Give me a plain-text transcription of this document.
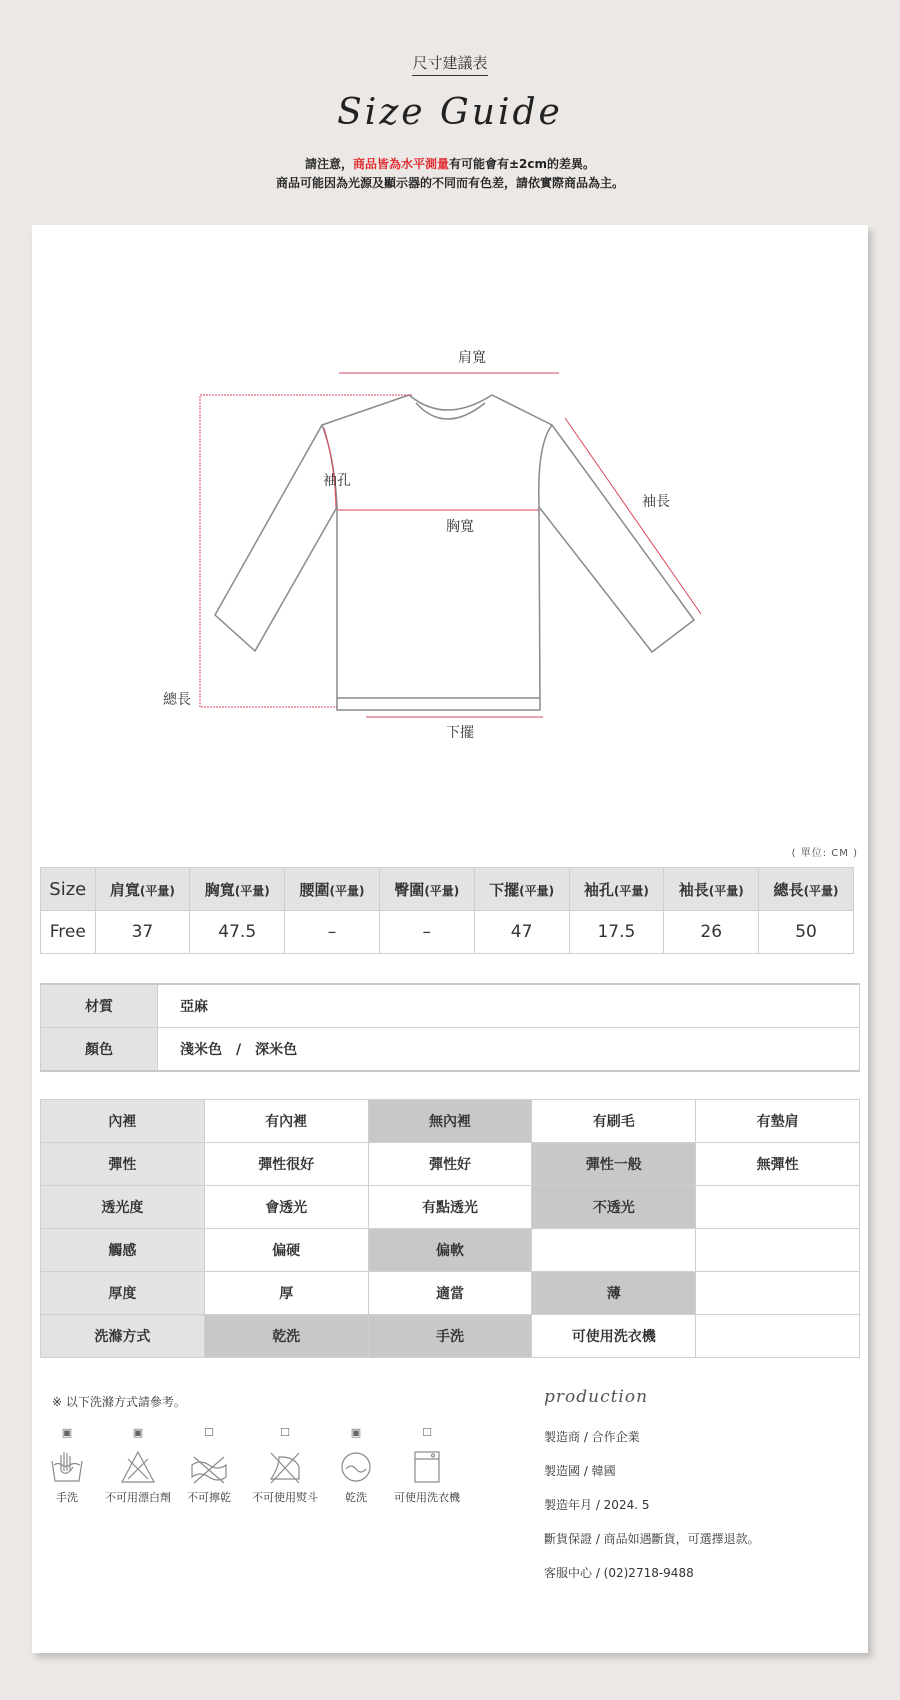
尺寸建議表
Size Guide
請注意，商品皆為水平測量有可能會有±2cm的差異。
商品可能因為光源及顯示器的不同而有色差，請依實際商品為主。
肩寬
袖孔
胸寬
袖長
總長
下擺
( 單位: CM )
Size	肩寬(平量)	胸寬(平量)	腰圍(平量)	臀圍(平量)	下擺(平量)	袖孔(平量)	袖長(平量)	總長(平量)
Free	37	47.5	–	–	47	17.5	26	50
材質	亞麻
顏色	淺米色　/　深米色
內裡	有內裡	無內裡	有刷毛	有墊肩
彈性	彈性很好	彈性好	彈性一般	無彈性
透光度	會透光	有點透光	不透光	
觸感	偏硬	偏軟		
厚度	厚	適當	薄	
洗滌方式	乾洗	手洗	可使用洗衣機	
※ 以下洗滌方式請參考。
▣
手洗
▣
不可用漂白劑
☐
不可擰乾
☐
不可使用熨斗
▣
乾洗
☐
可使用洗衣機
production
製造商 / 合作企業
製造國 / 韓國
製造年月 / 2024. 5
斷貨保證 / 商品如遇斷貨，可選擇退款。
客服中心 / (02)2718-9488
